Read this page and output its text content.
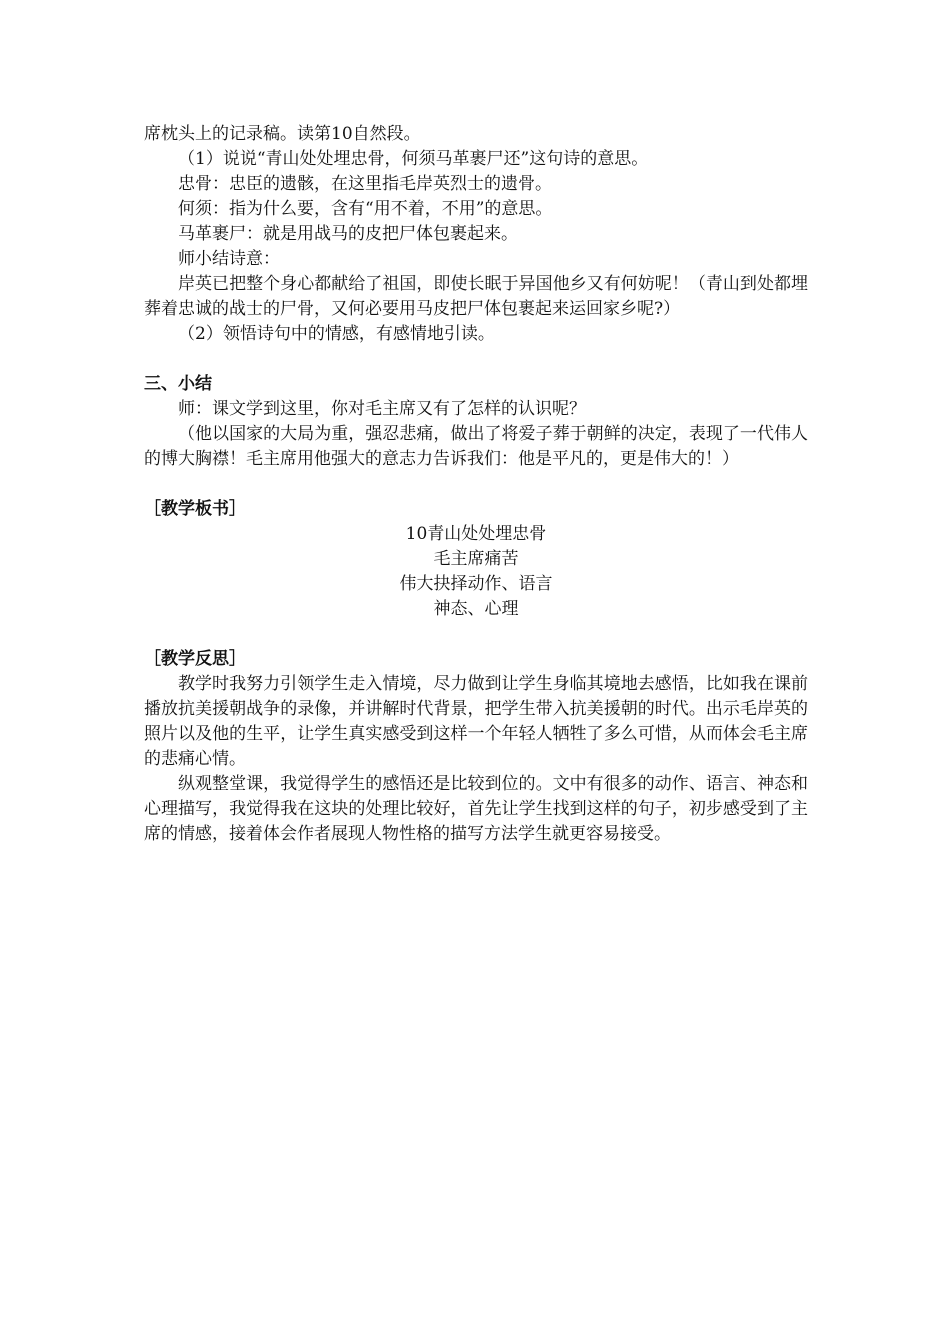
席枕头上的记录稿。读第10自然段。

（1）说说“青山处处埋忠骨，何须马革裹尸还”这句诗的意思。

忠骨：忠臣的遗骸，在这里指毛岸英烈士的遗骨。

何须：指为什么要，含有“用不着，不用”的意思。

马革裹尸：就是用战马的皮把尸体包裹起来。

师小结诗意：

岸英已把整个身心都献给了祖国，即使长眠于异国他乡又有何妨呢！（青山到处都埋葬着忠诚的战士的尸骨，又何必要用马皮把尸体包裹起来运回家乡呢?）

（2）领悟诗句中的情感，有感情地引读。

三、小结

师：课文学到这里，你对毛主席又有了怎样的认识呢？

（他以国家的大局为重，强忍悲痛，做出了将爱子葬于朝鲜的决定，表现了一代伟人的博大胸襟！毛主席用他强大的意志力告诉我们：他是平凡的，更是伟大的！）

［教学板书］

10青山处处埋忠骨

毛主席痛苦

伟大抉择动作、语言

神态、心理

［教学反思］

教学时我努力引领学生走入情境，尽力做到让学生身临其境地去感悟，比如我在课前播放抗美援朝战争的录像，并讲解时代背景，把学生带入抗美援朝的时代。出示毛岸英的照片以及他的生平，让学生真实感受到这样一个年轻人牺牲了多么可惜，从而体会毛主席的悲痛心情。

纵观整堂课，我觉得学生的感悟还是比较到位的。文中有很多的动作、语言、神态和心理描写，我觉得我在这块的处理比较好，首先让学生找到这样的句子，初步感受到了主席的情感，接着体会作者展现人物性格的描写方法学生就更容易接受。
